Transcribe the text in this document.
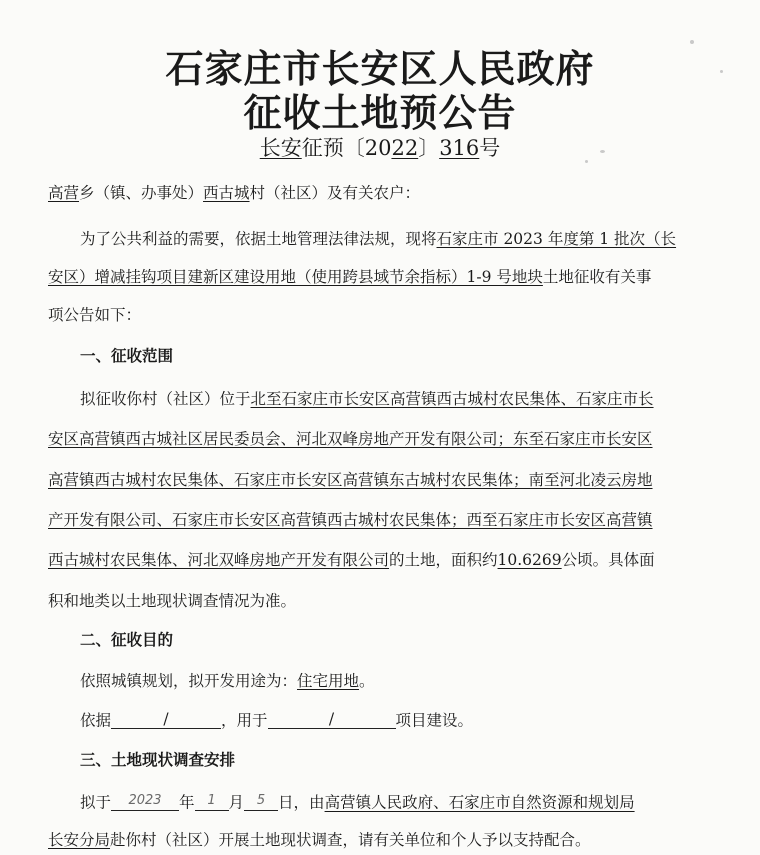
石家庄市长安区人民政府
征收土地预公告
长安征预〔2022〕316号

高营乡（镇、办事处）西古城村（社区）及有关农户：

为了公共利益的需要，依据土地管理法律法规，现将石家庄市 2023 年度第 1 批次（长

安区）增减挂钩项目建新区建设用地（使用跨县域节余指标）1-9 号地块土地征收有关事

项公告如下：

一、征收范围

拟征收你村（社区）位于北至石家庄市长安区高营镇西古城村农民集体、石家庄市长

安区高营镇西古城社区居民委员会、河北双峰房地产开发有限公司；东至石家庄市长安区

高营镇西古城村农民集体、石家庄市长安区高营镇东古城村农民集体；南至河北凌云房地

产开发有限公司、石家庄市长安区高营镇西古城村农民集体；西至石家庄市长安区高营镇

西古城村农民集体、河北双峰房地产开发有限公司的土地，面积约10.6269公顷。具体面

积和地类以土地现状调查情况为准。

二、征收目的

依照城镇规划，拟开发用途为：住宅用地。

依据	/	，用于	/	项目建设。

三、土地现状调查安排

拟于 2023 年 1 月 5 日，由高营镇人民政府、石家庄市自然资源和规划局

长安分局赴你村（社区）开展土地现状调查，请有关单位和个人予以支持配合。
